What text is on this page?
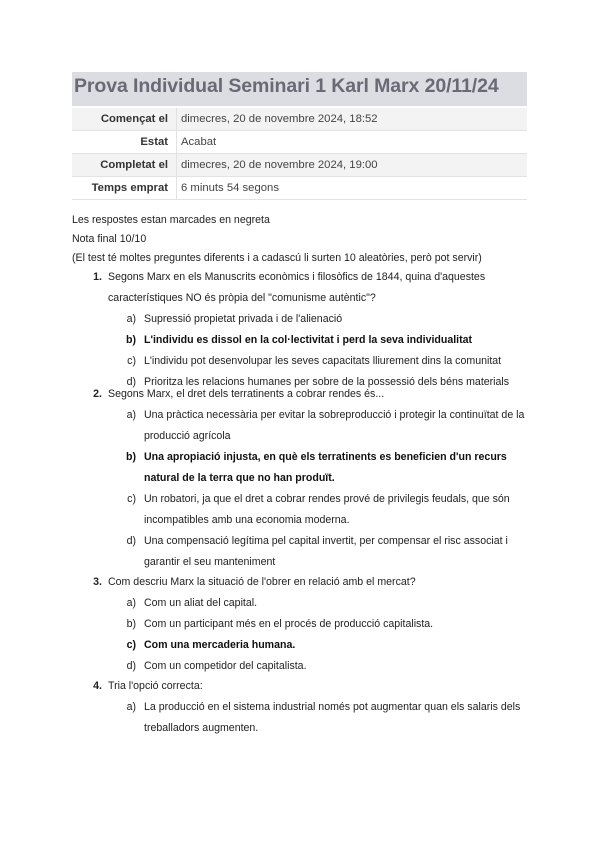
Prova Individual Seminari 1 Karl Marx 20/11/24
Començat el	dimecres, 20 de novembre 2024, 18:52
Estat	Acabat
Completat el	dimecres, 20 de novembre 2024, 19:00
Temps emprat	6 minuts 54 segons
Les respostes estan marcades en negreta
Nota final 10/10
(El test té moltes preguntes diferents i a cadascú li surten 10 aleatòries, però pot servir)
1. Segons Marx en els Manuscrits econòmics i filosòfics de 1844, quina d'aquestes característiques NO és pròpia del "comunisme autèntic"?
a) Supressió propietat privada i de l'alienació
b) L'individu es dissol en la col·lectivitat i perd la seva individualitat
c) L'individu pot desenvolupar les seves capacitats lliurement dins la comunitat
d) Prioritza les relacions humanes per sobre de la possessió dels béns materials
2. Segons Marx, el dret dels terratinents a cobrar rendes és...
a) Una pràctica necessària per evitar la sobreproducció i protegir la continuïtat de la producció agrícola
b) Una apropiació injusta, en què els terratinents es beneficien d'un recurs natural de la terra que no han produït.
c) Un robatori, ja que el dret a cobrar rendes prové de privilegis feudals, que són incompatibles amb una economia moderna.
d) Una compensació legítima pel capital invertit, per compensar el risc associat i garantir el seu manteniment
3. Com descriu Marx la situació de l'obrer en relació amb el mercat?
a) Com un aliat del capital.
b) Com un participant més en el procés de producció capitalista.
c) Com una mercaderia humana.
d) Com un competidor del capitalista.
4. Tria l'opció correcta:
a) La producció en el sistema industrial només pot augmentar quan els salaris dels treballadors augmenten.
